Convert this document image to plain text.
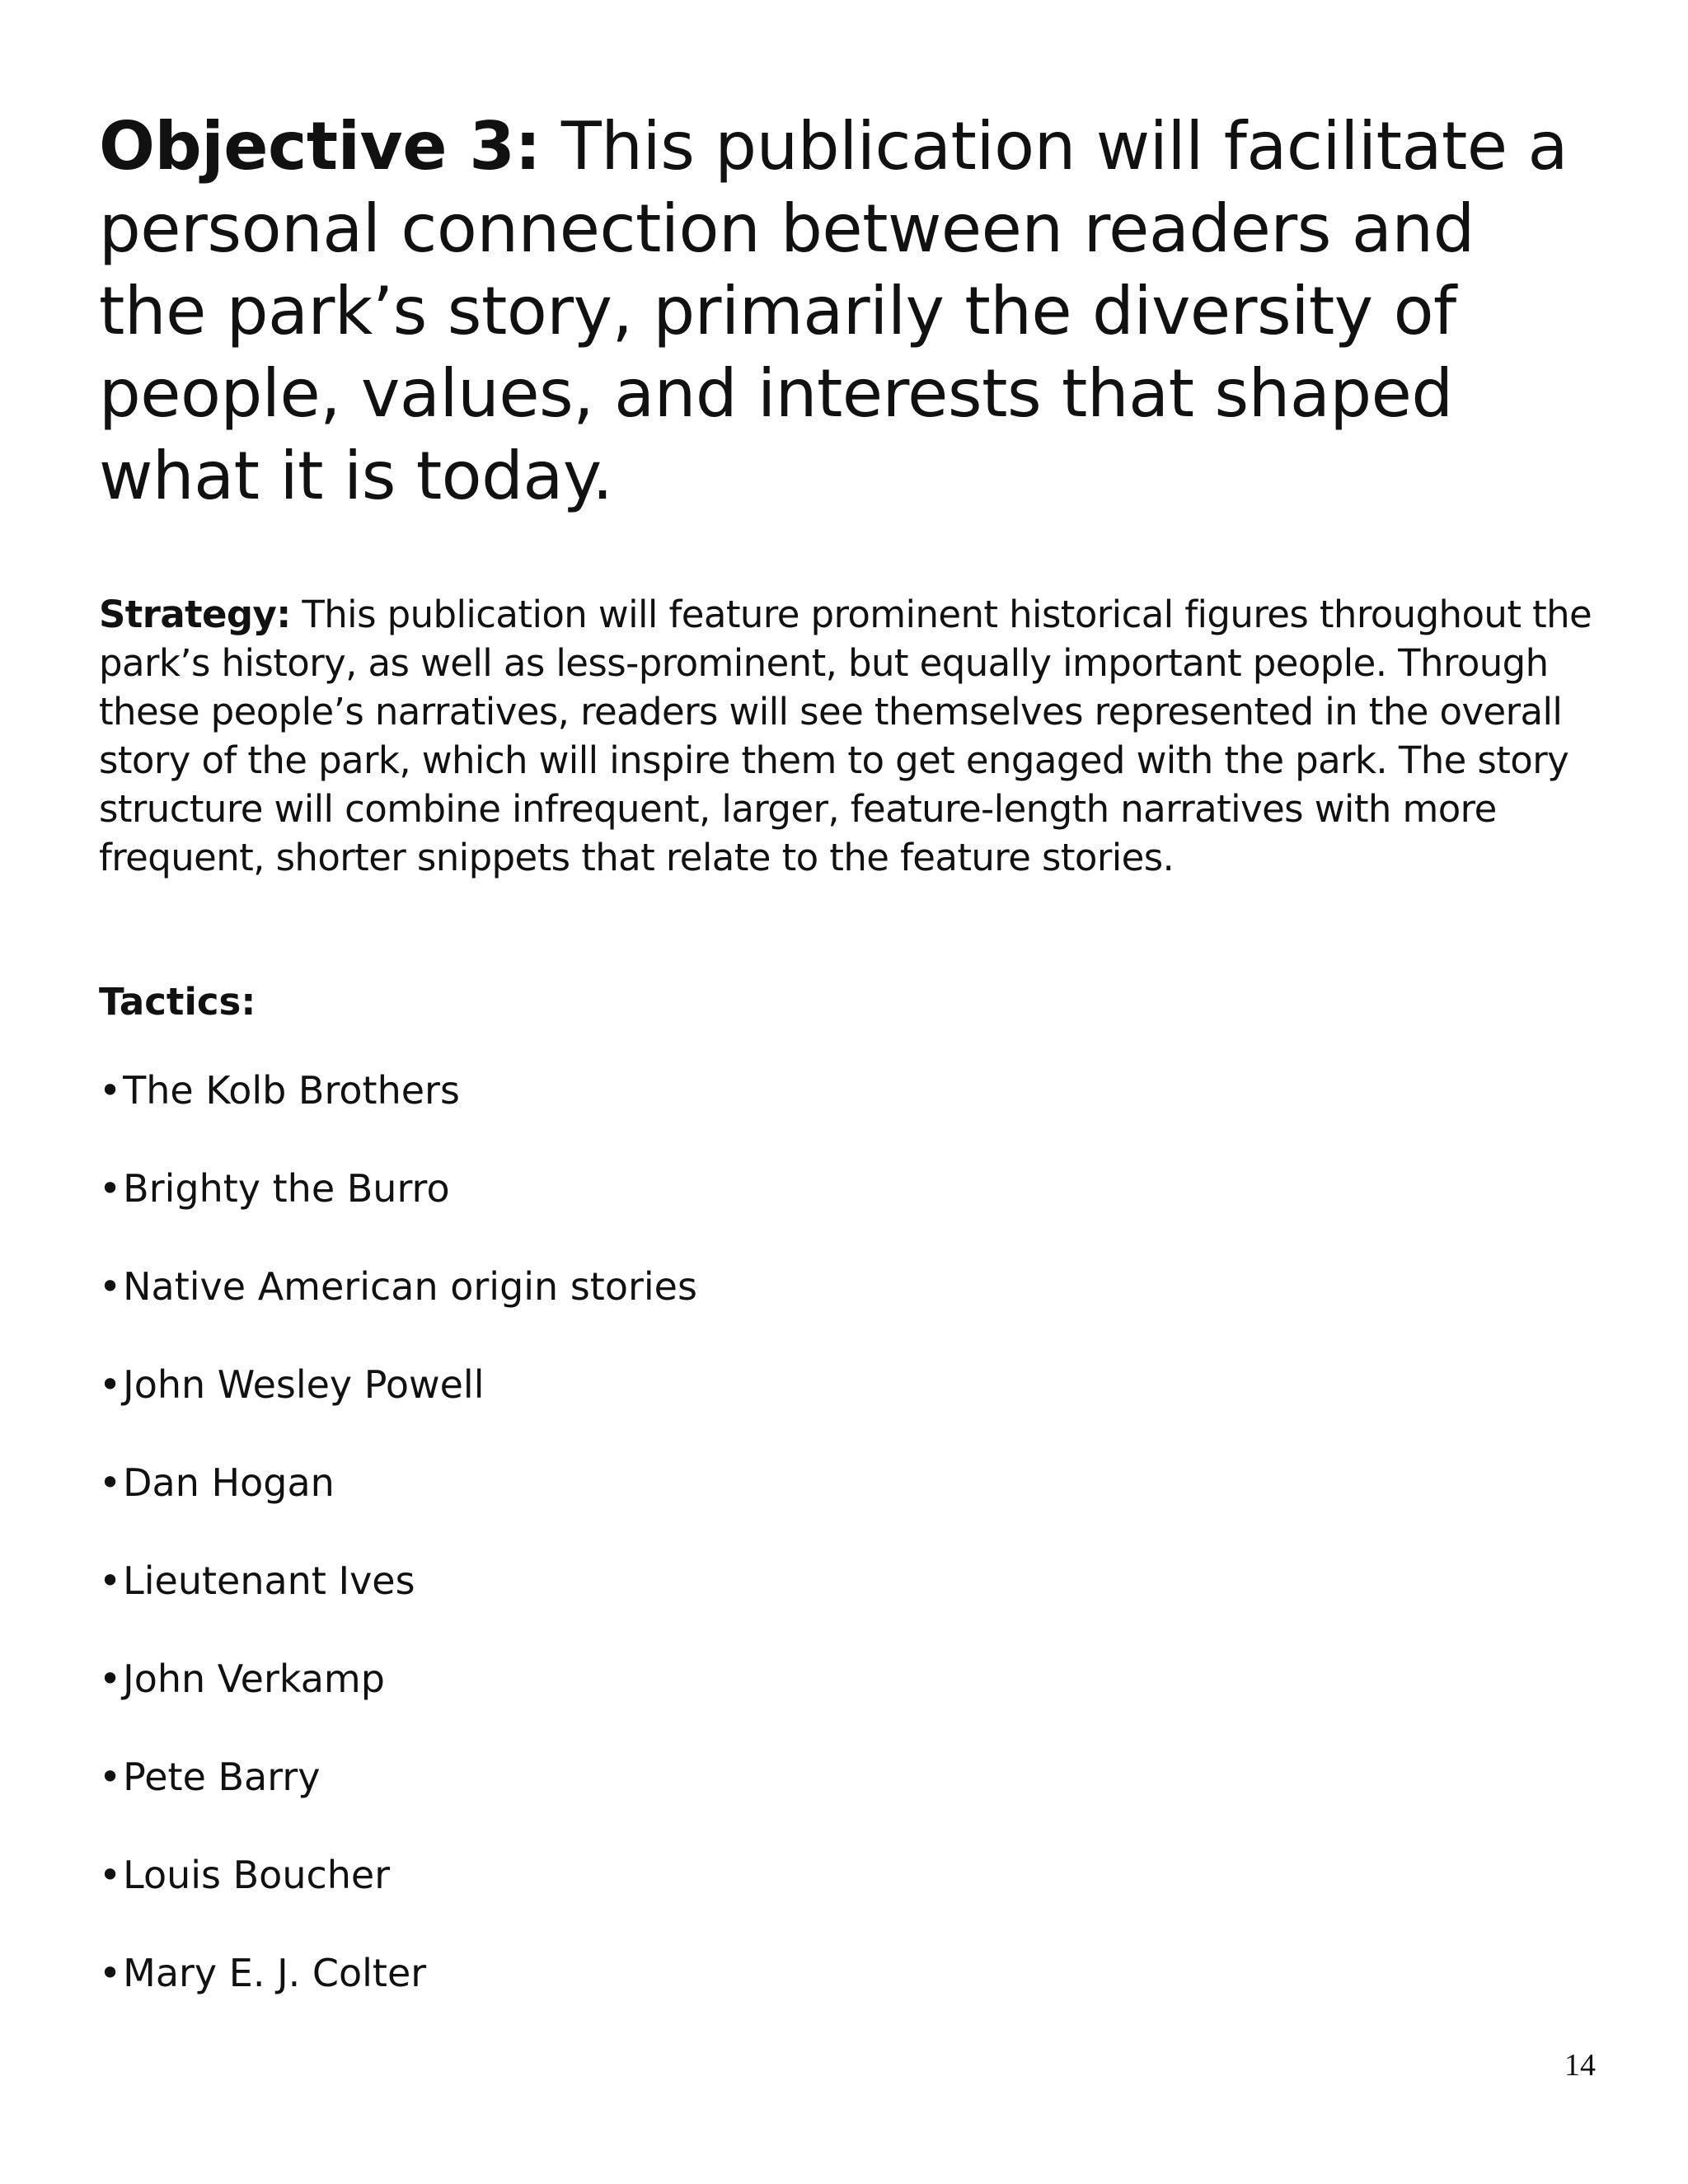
Objective 3: This publication will facilitate a personal connection between readers and the park’s story, primarily the diversity of people, values, and interests that shaped what it is today.

Strategy: This publication will feature prominent historical figures throughout the park’s history, as well as less-prominent, but equally important people. Through these people’s narratives, readers will see themselves represented in the overall story of the park, which will inspire them to get engaged with the park. The story structure will combine infrequent, larger, feature-length narratives with more frequent, shorter snippets that relate to the feature stories.

Tactics:
•The Kolb Brothers
•Brighty the Burro
•Native American origin stories
•John Wesley Powell
•Dan Hogan
•Lieutenant Ives
•John Verkamp
•Pete Barry
•Louis Boucher
•Mary E. J. Colter
14
